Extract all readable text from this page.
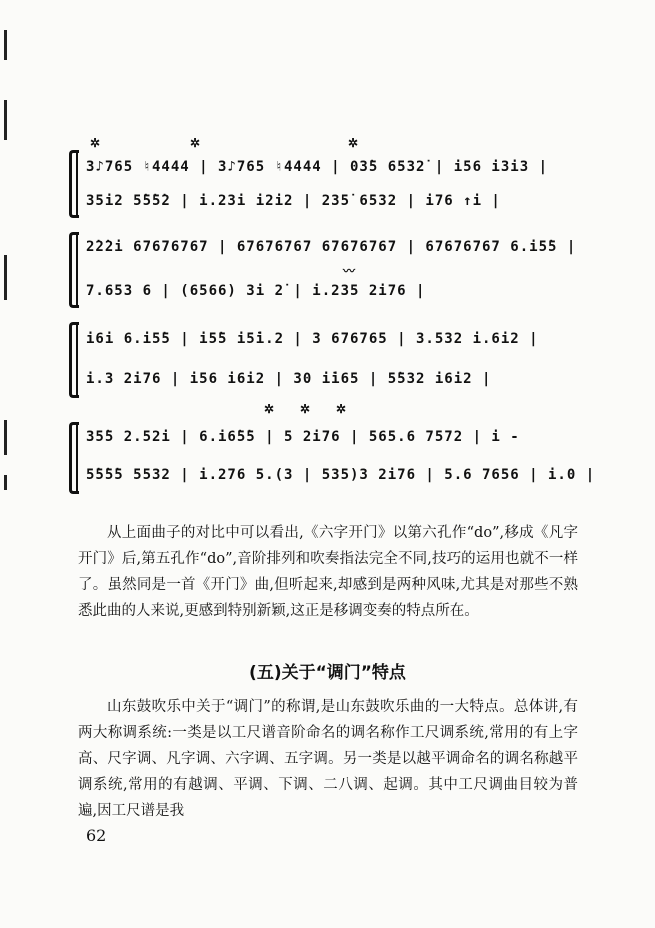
✲	✲	✲
3♪765 ♮4444 | 3♪765 ♮4444 | 03̇5 6532̇ | i56 i3i3 |
35i2 5̇5̇5̇2 | i.23i i2i2 | 235̇ 6532 | i76 ↑i |
〰
2̇2̇2i 67676767 | 67676767 67676767 | 67676767 6.i5̇5 |
7.653 6 | (6566) 3i 2̇ | i.235 2i76 |
i6i 6.i5̇5 | i5̇5 i5̇i.2 | 3 676765 | 3.532 i.6i2 |
i.3 2i76 | i56 i6i2 | 30 i̇i65 | 5̇532 i6i2 |
✲ ✲ ✲
35̇5 2.52i | 6.i6̇5̇5 | 5 2i76 | 565.6 7572 | i -
5̇5̇5̇5 5532 | i.276 5.(3 | 535)3 2i76 | 5.6 7656 | i.0 |

从上面曲子的对比中可以看出,《六字开门》以第六孔作“do”,移成《凡字开门》后,第五孔作“do”,音阶排列和吹奏指法完全不同,技巧的运用也就不一样了。虽然同是一首《开门》曲,但听起来,却感到是两种风味,尤其是对那些不熟悉此曲的人来说,更感到特别新颖,这正是移调变奏的特点所在。

(五)关于“调门”特点

山东鼓吹乐中关于“调门”的称谓,是山东鼓吹乐曲的一大特点。总体讲,有两大称调系统:一类是以工尺谱音阶命名的调名称作工尺调系统,常用的有上字高、尺字调、凡字调、六字调、五字调。另一类是以越平调命名的调名称越平调系统,常用的有越调、平调、下调、二八调、起调。其中工尺调曲目较为普遍,因工尺谱是我

62
